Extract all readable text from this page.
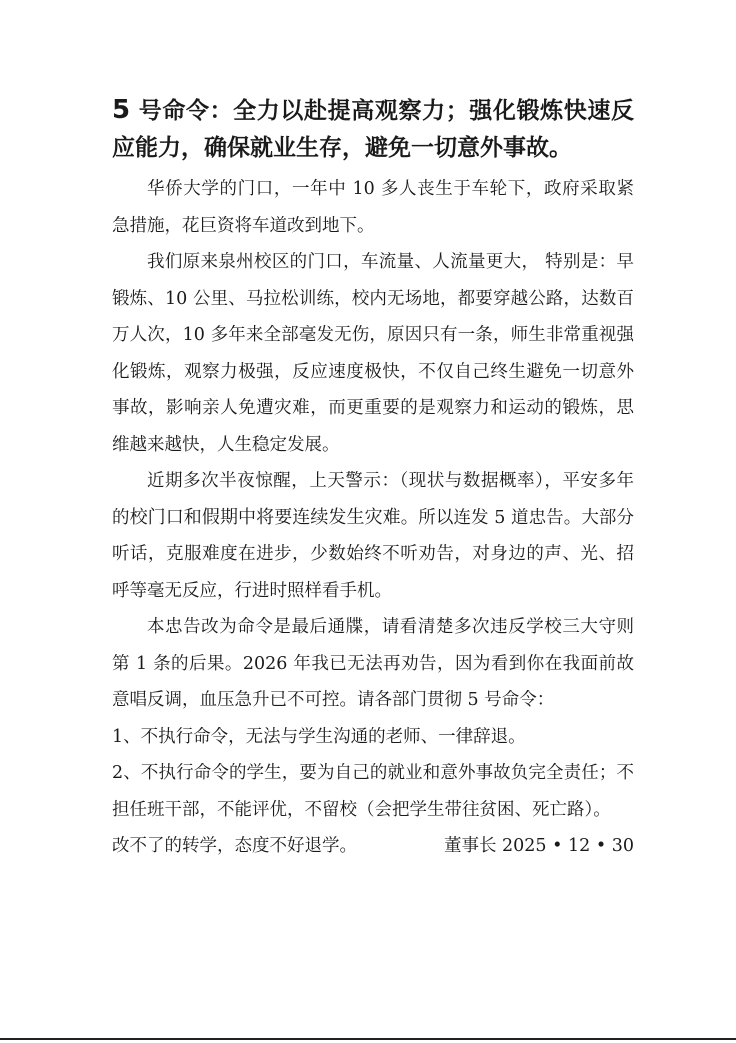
5 号命令：全力以赴提高观察力；强化锻炼快速反应能力，确保就业生存，避免一切意外事故。

华侨大学的门口，一年中 10 多人丧生于车轮下，政府采取紧急措施，花巨资将车道改到地下。

我们原来泉州校区的门口，车流量、人流量更大， 特别是：早锻炼、10 公里、马拉松训练，校内无场地，都要穿越公路，达数百万人次，10 多年来全部毫发无伤，原因只有一条，师生非常重视强化锻炼，观察力极强，反应速度极快，不仅自己终生避免一切意外事故，影响亲人免遭灾难，而更重要的是观察力和运动的锻炼，思维越来越快，人生稳定发展。

近期多次半夜惊醒，上天警示：（现状与数据概率），平安多年的校门口和假期中将要连续发生灾难。所以连发 5 道忠告。大部分听话，克服难度在进步，少数始终不听劝告，对身边的声、光、招呼等毫无反应，行进时照样看手机。

本忠告改为命令是最后通牒，请看清楚多次违反学校三大守则第 1 条的后果。2026 年我已无法再劝告，因为看到你在我面前故意唱反调，血压急升已不可控。请各部门贯彻 5 号命令：

1、不执行命令，无法与学生沟通的老师、一律辞退。

2、不执行命令的学生，要为自己的就业和意外事故负完全责任；不担任班干部，不能评优，不留校（会把学生带往贫困、死亡路）。

改不了的转学，态度不好退学。	董事长 2025 • 12 • 30
